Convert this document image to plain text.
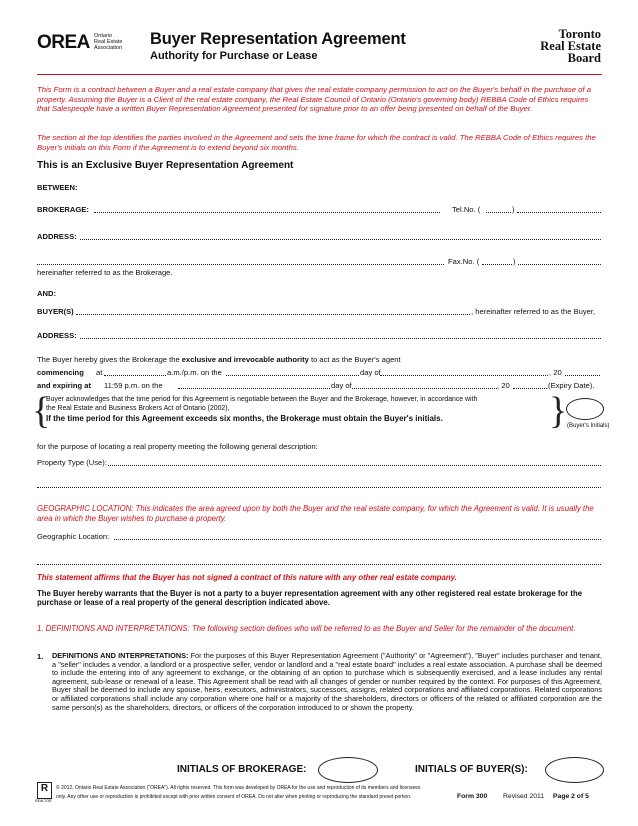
OREA Ontario
Real Estate
Association
Buyer Representation Agreement
Authority for Purchase or Lease
Toronto
Real Estate
Board
This Form is a contract between a Buyer and a real estate company that gives the real estate company permission to act on the Buyer's behalf in the purchase of a property. Assuming the Buyer is a Client of the real estate company, the Real Estate Council of Ontario (Ontario's governing body) REBBA Code of Ethics requires that Salespeople have a written Buyer Representation Agreement presented for signature prior to an offer being presented on behalf of the Buyer.
The section at the top identifies the parties involved in the Agreement and sets the time frame for which the contract is valid. The REBBA Code of Ethics requires the Buyer's initials on this Form if the Agreement is to extend beyond six months.
This is an Exclusive Buyer Representation Agreement
BETWEEN:
BROKERAGE:	Tel.No. (	)
ADDRESS:
Fax.No. (	)
hereinafter referred to as the Brokerage.
AND:
BUYER(S)	, hereinafter referred to as the Buyer,
ADDRESS:
The Buyer hereby gives the Brokerage the exclusive and irrevocable authority to act as the Buyer's agent
commencing at	a.m./p.m. on the	day of	, 20
and expiring at 11:59 p.m. on the	day of	, 20	(Expiry Date).
{
Buyer acknowledges that the time period for this Agreement is negotiable between the Buyer and the Brokerage, however, in accordance with
the Real Estate and Business Brokers Act of Ontario (2002),
If the time period for this Agreement exceeds six months, the Brokerage must obtain the Buyer's initials.	} (Buyer's Initials)
for the purpose of locating a real property meeting the following general description:
Property Type (Use):
GEOGRAPHIC LOCATION: This indicates the area agreed upon by both the Buyer and the real estate company, for which the Agreement is valid. It is usually the area in which the Buyer wishes to purchase a property.
Geographic Location:
This statement affirms that the Buyer has not signed a contract of this nature with any other real estate company.
The Buyer hereby warrants that the Buyer is not a party to a buyer representation agreement with any other registered real estate brokerage for the purchase or lease of a real property of the general description indicated above.
1. DEFINITIONS AND INTERPRETATIONS: The following section defines who will be referred to as the Buyer and Seller for the remainder of the document.
1. DEFINITIONS AND INTERPRETATIONS: For the purposes of this Buyer Representation Agreement ("Authority" or "Agreement"), "Buyer" includes purchaser and tenant, a "seller" includes a vendor, a landlord or a prospective seller, vendor or landlord and a "real estate board" includes a real estate association. A purchase shall be deemed to include the entering into of any agreement to exchange, or the obtaining of an option to purchase which is subsequently exercised, and a lease includes any rental agreement, sub-lease or renewal of a lease. This Agreement shall be read with all changes of gender or number required by the context. For purposes of this Agreement, Buyer shall be deemed to include any spouse, heirs, executors, administrators, successors, assigns, related corporations and affiliated corporations. Related corporations or affiliated corporations shall include any corporation where one half or a majority of the shareholders, directors or officers of the related or affiliated corporation are the same person(s) as the shareholders, directors, or officers of the corporation introduced to or shown the property.
INITIALS OF BROKERAGE:	INITIALS OF BUYER(S):
R
REALTOR
© 2012, Ontario Real Estate Association ("OREA"). All rights reserved. This form was developed by OREA for the use and reproduction of its members and licensees
only. Any other use or reproduction is prohibited except with prior written consent of OREA. Do not alter when printing or reproducing the standard preset portion.	Form 300 Revised 2011 Page 2 of 5
